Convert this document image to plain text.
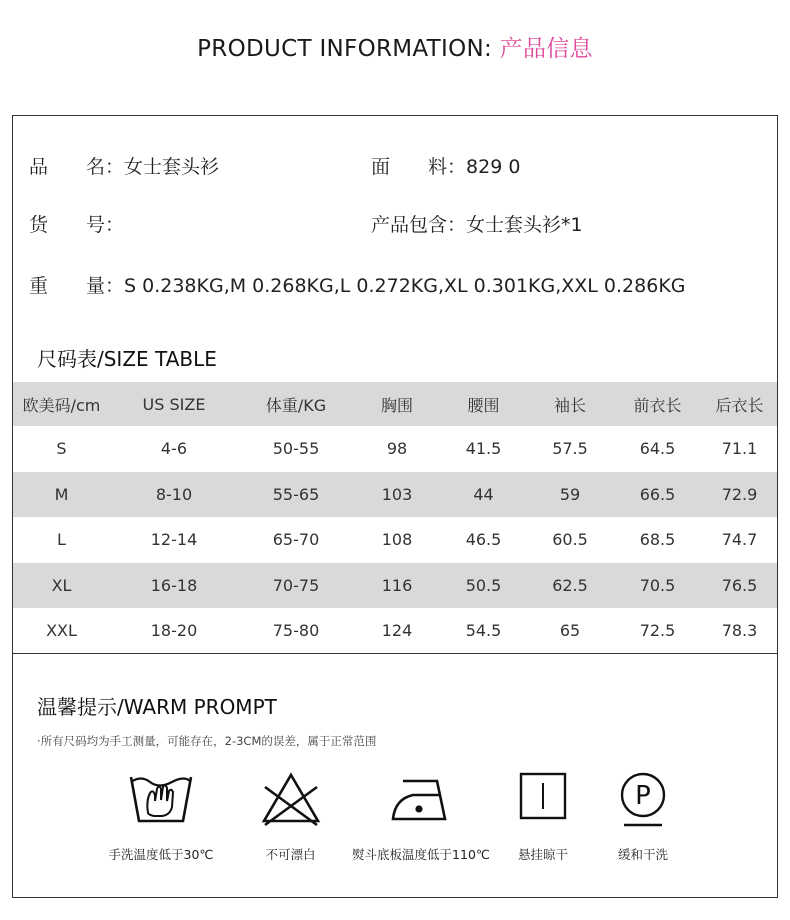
PRODUCT INFORMATION: 产品信息
品　　名：女士套头衫	面　　料：829 0
货　　号：	产品包含：女士套头衫*1
重　　量：S 0.238KG,M 0.268KG,L 0.272KG,XL 0.301KG,XXL 0.286KG
尺码表/SIZE TABLE
欧美码/cm	US SIZE	体重/KG	胸围	腰围	袖长	前衣长	后衣长
S	4-6	50-55	98	41.5	57.5	64.5	71.1
M	8-10	55-65	103	44	59	66.5	72.9
L	12-14	65-70	108	46.5	60.5	68.5	74.7
XL	16-18	70-75	116	50.5	62.5	70.5	76.5
XXL	18-20	75-80	124	54.5	65	72.5	78.3
温馨提示/WARM PROMPT
·所有尺码均为手工测量，可能存在，2-3CM的误差，属于正常范围
手洗温度低于30℃	不可漂白	熨斗底板温度低于110℃	悬挂晾干
P
缓和干洗
